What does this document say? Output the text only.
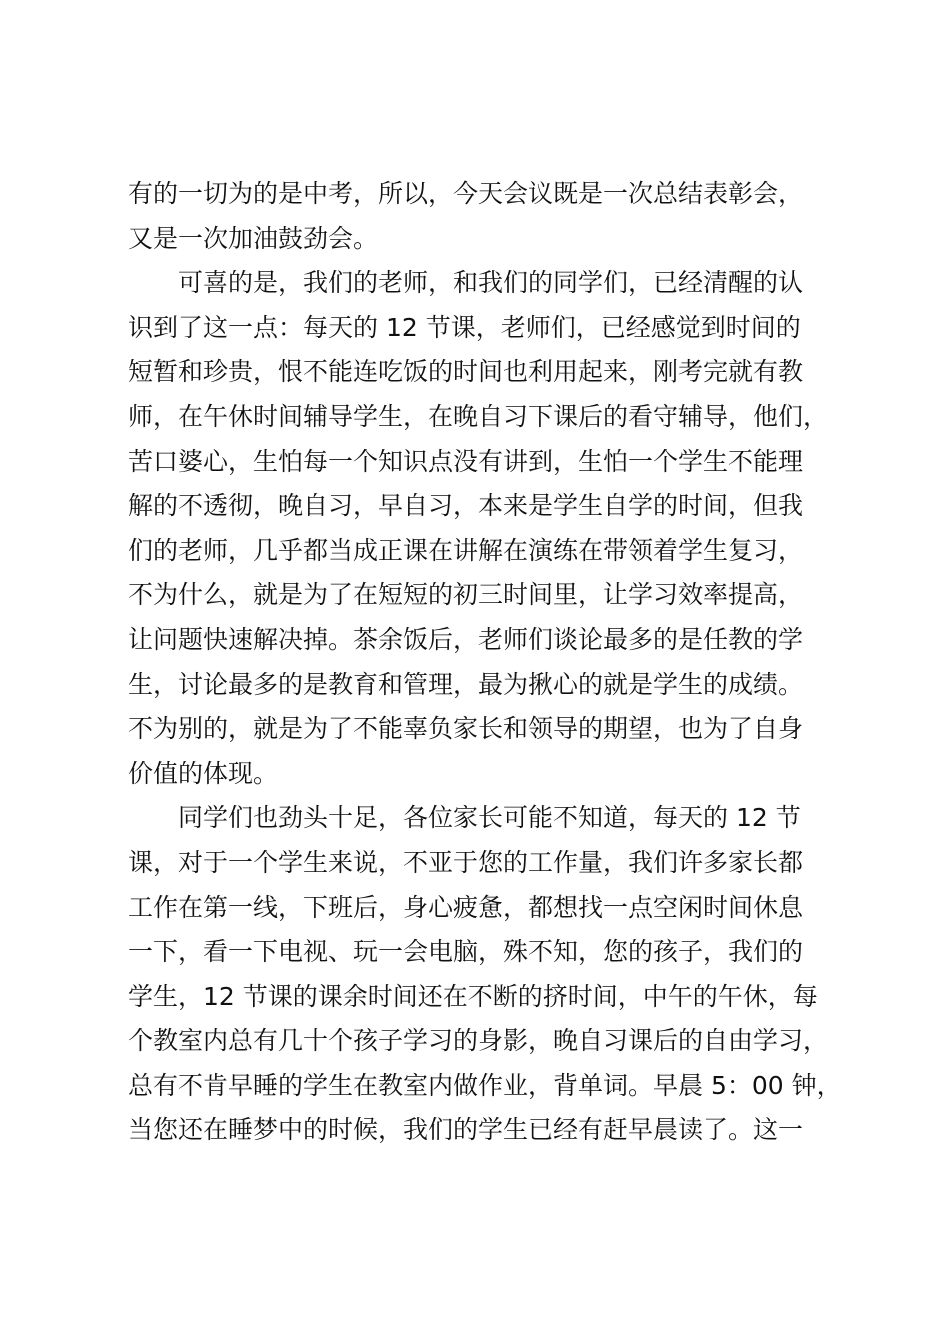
有的一切为的是中考，所以，今天会议既是一次总结表彰会，
又是一次加油鼓劲会。
可喜的是，我们的老师，和我们的同学们，已经清醒的认
识到了这一点：每天的 12 节课，老师们，已经感觉到时间的
短暂和珍贵，恨不能连吃饭的时间也利用起来，刚考完就有教
师，在午休时间辅导学生，在晚自习下课后的看守辅导，他们，
苦口婆心，生怕每一个知识点没有讲到，生怕一个学生不能理
解的不透彻，晚自习，早自习，本来是学生自学的时间，但我
们的老师，几乎都当成正课在讲解在演练在带领着学生复习，
不为什么，就是为了在短短的初三时间里，让学习效率提高，
让问题快速解决掉。茶余饭后，老师们谈论最多的是任教的学
生，讨论最多的是教育和管理，最为揪心的就是学生的成绩。
不为别的，就是为了不能辜负家长和领导的期望，也为了自身
价值的体现。
同学们也劲头十足，各位家长可能不知道，每天的 12 节
课，对于一个学生来说，不亚于您的工作量，我们许多家长都
工作在第一线，下班后，身心疲惫，都想找一点空闲时间休息
一下，看一下电视、玩一会电脑，殊不知，您的孩子，我们的
学生，12 节课的课余时间还在不断的挤时间，中午的午休，每
个教室内总有几十个孩子学习的身影，晚自习课后的自由学习，
总有不肯早睡的学生在教室内做作业，背单词。早晨 5：00 钟，
当您还在睡梦中的时候，我们的学生已经有赶早晨读了。这一
